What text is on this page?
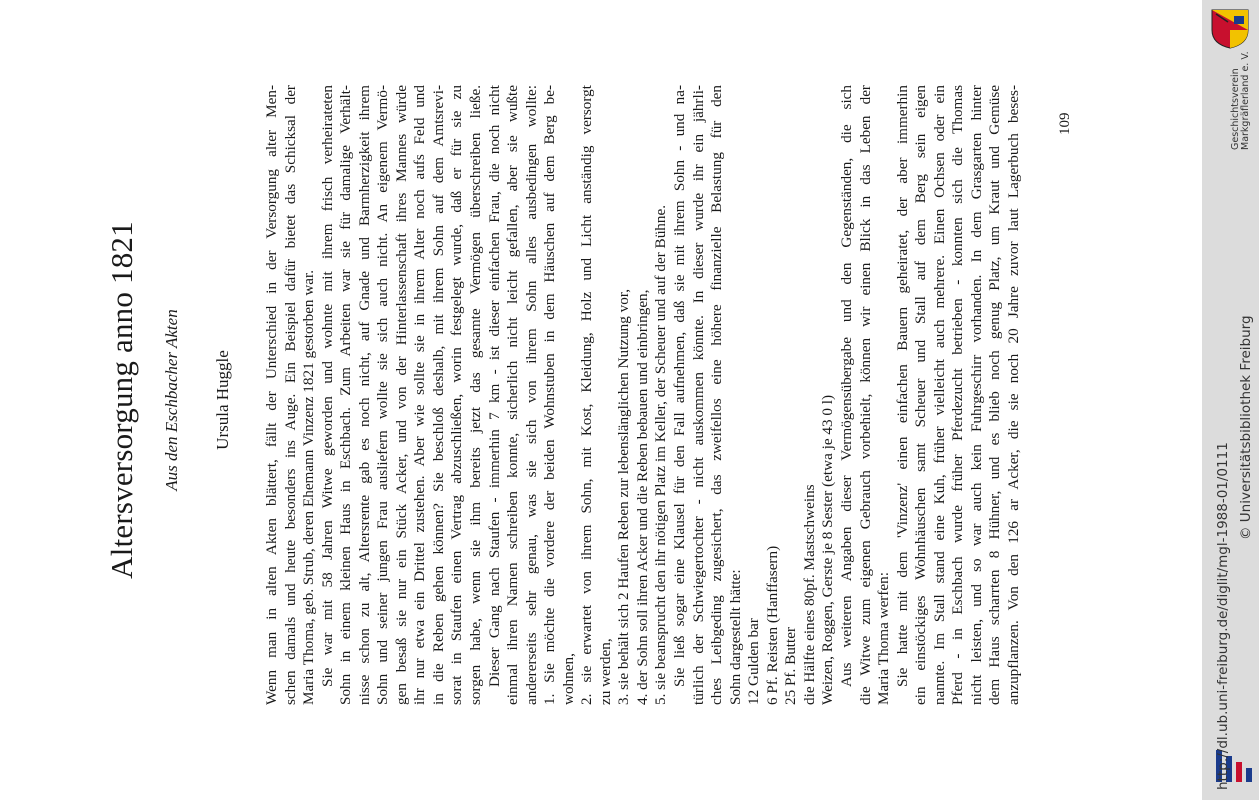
Altersversorgung anno 1821 Aus den Eschbacher Akten Ursula Huggle Wenn man in alten Akten blättert, fällt der Unterschied in der Versorgung alter Men- schen damals und heute besonders ins Auge. Ein Beispiel dafür bietet das Schicksal der Maria Thoma, geb. Strub, deren Ehemann Vinzenz 1821 gestorben war. Sie war mit 58 Jahren Witwe geworden und wohnte mit ihrem frisch verheirateten Sohn in einem kleinen Haus in Eschbach. Zum Arbeiten war sie für damalige Verhält- nisse schon zu alt, Altersrente gab es noch nicht, auf Gnade und Barmherzigkeit ihrem Sohn und seiner jungen Frau ausliefern wollte sie sich auch nicht. An eigenem Vermö- gen besaß sie nur ein Stück Acker, und von der Hinterlassenschaft ihres Mannes würde ihr nur etwa ein Drittel zustehen. Aber wie sollte sie in ihrem Alter noch aufs Feld und in die Reben gehen können? Sie beschloß deshalb, mit ihrem Sohn auf dem Amtsrevi- sorat in Staufen einen Vertrag abzuschließen, worin festgelegt wurde, daß er für sie zu sorgen habe, wenn sie ihm bereits jetzt das gesamte Vermögen überschreiben ließe. Dieser Gang nach Staufen - immerhin 7 km - ist dieser einfachen Frau, die noch nicht einmal ihren Namen schreiben konnte, sicherlich nicht leicht gefallen, aber sie wußte andererseits sehr genau, was sie sich von ihrem Sohn alles ausbedingen wollte: 1. Sie möchte die vordere der beiden Wohnstuben in dem Häuschen auf dem Berg be- wohnen, 2. sie erwartet von ihrem Sohn, mit Kost, Kleidung, Holz und Licht anständig versorgt zu werden, 3. sie behält sich 2 Haufen Reben zur lebenslänglichen Nutzung vor, 4. der Sohn soll ihren Acker und die Reben bebauen und einbringen, 5. sie beansprucht den ihr nötigen Platz im Keller, der Scheuer und auf der Bühne. Sie ließ sogar eine Klausel für den Fall aufnehmen, daß sie mit ihrem Sohn - und na- türlich der Schwiegertochter - nicht auskommen könnte. In dieser wurde ihr ein jährli- ches Leibgeding zugesichert, das zweifellos eine höhere finanzielle Belastung für den Sohn dargestellt hätte: 12 Gulden bar 6 Pf. Reisten (Hanffasern) 25 Pf. Butter die Hälfte eines 80pf. Mastschweins Weizen, Roggen, Gerste je 8 Sester (etwa je 43 0 l) Aus weiteren Angaben dieser Vermögensübergabe und den Gegenständen, die sich die Witwe zum eigenen Gebrauch vorbehielt, können wir einen Blick in das Leben der Maria Thoma werfen: Sie hatte mit dem 'Vinzenz' einen einfachen Bauern geheiratet, der aber immerhin ein einstöckiges Wohnhäuschen samt Scheuer und Stall auf dem Berg sein eigen nannte. Im Stall stand eine Kuh, früher vielleicht auch mehrere. Einen Ochsen oder ein Pferd - in Eschbach wurde früher Pferdezucht betrieben - konnten sich die Thomas nicht leisten, und so war auch kein Fuhrgeschirr vorhanden. In dem Grasgarten hinter dem Haus scharrten 8 Hühner, und es blieb noch genug Platz, um Kraut und Gemüse anzupflanzen. Von den 126 ar Acker, die sie noch 20 Jahre zuvor laut Lagerbuch beses- 109
http://dl.ub.uni-freiburg.de/diglit/mgl-1988-01/0111
© Universitätsbibliothek Freiburg
Geschichtsverein Markgräflerland e. V.
